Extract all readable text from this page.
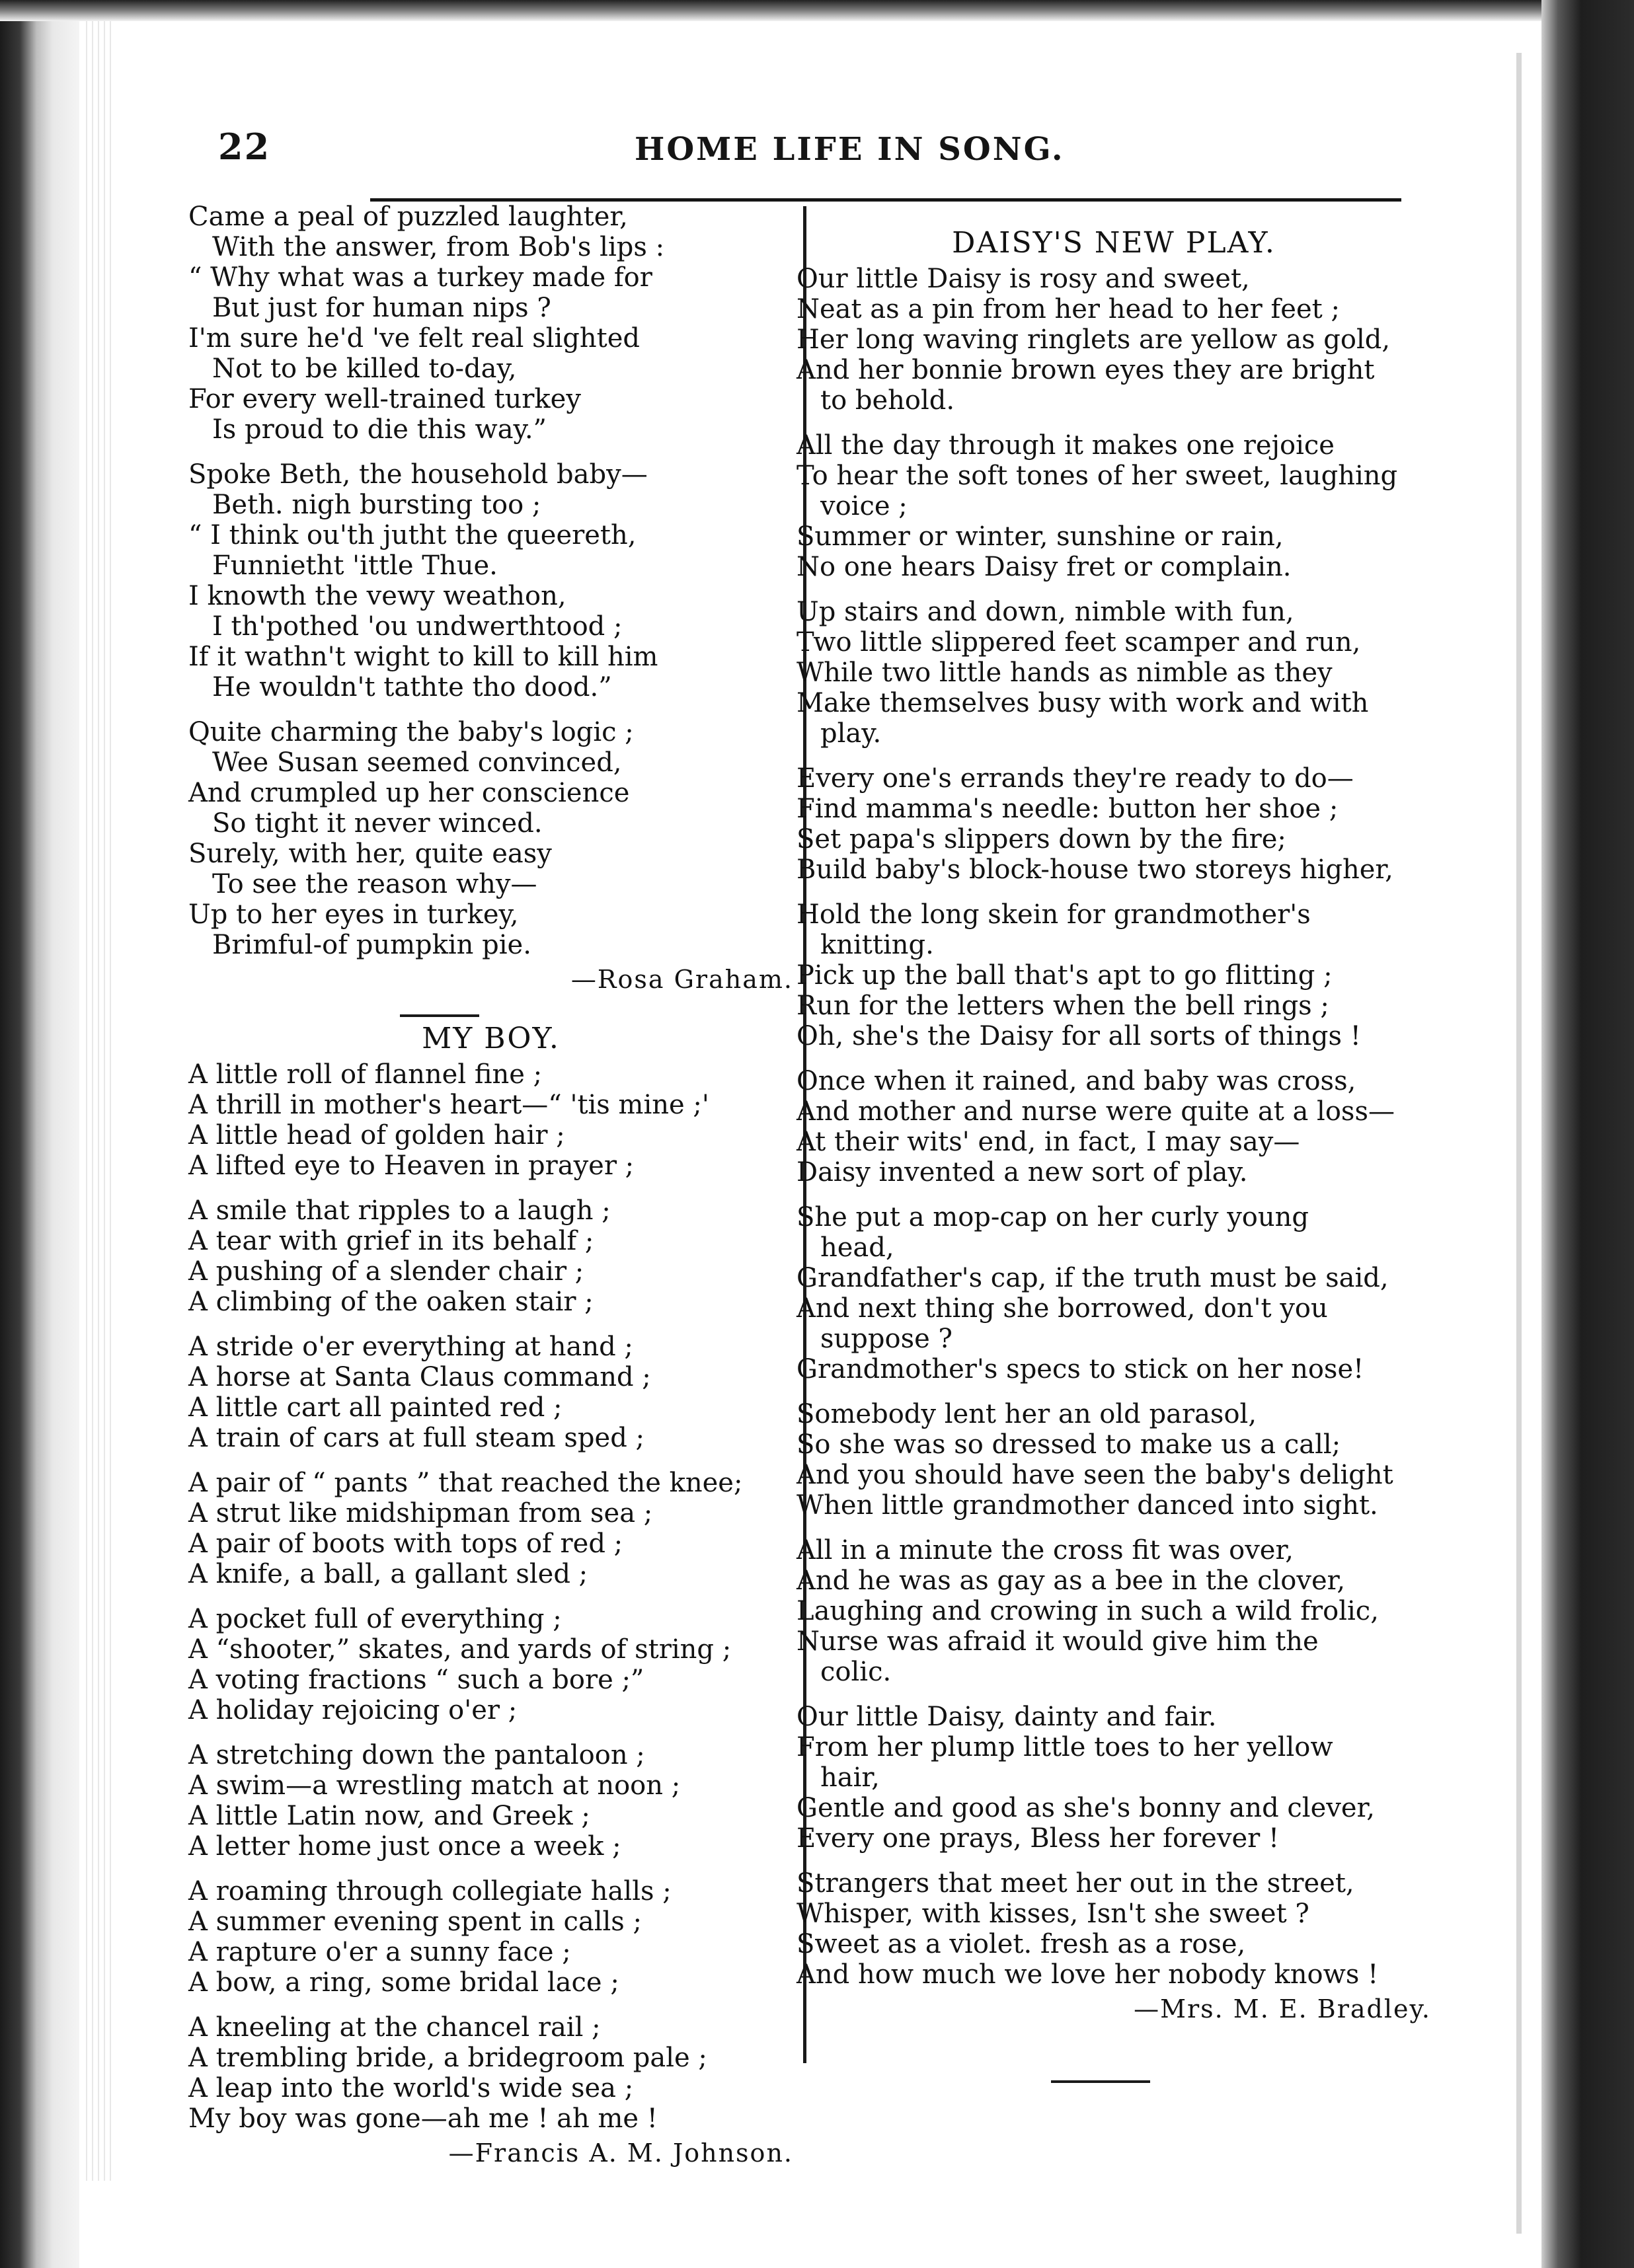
22	HOME LIFE IN SONG.
Came a peal of puzzled laughter,
With the answer, from Bob's lips :
“ Why what was a turkey made for
But just for human nips ?
I'm sure he'd 've felt real slighted
Not to be killed to-day,
For every well-trained turkey
Is proud to die this way.”
Spoke Beth, the household baby—
Beth. nigh bursting too ;
“ I think ou'th jutht the queereth,
Funnietht 'ittle Thue.
I knowth the vewy weathon,
I th'pothed 'ou undwerthtood ;
If it wathn't wight to kill to kill him
He wouldn't tathte tho dood.”
Quite charming the baby's logic ;
Wee Susan seemed convinced,
And crumpled up her conscience
So tight it never winced.
Surely, with her, quite easy
To see the reason why—
Up to her eyes in turkey,
Brimful-of pumpkin pie.
—Rosa Graham.
MY BOY.
A little roll of flannel fine ;
A thrill in mother's heart—“ 'tis mine ;'
A little head of golden hair ;
A lifted eye to Heaven in prayer ;
A smile that ripples to a laugh ;
A tear with grief in its behalf ;
A pushing of a slender chair ;
A climbing of the oaken stair ;
A stride o'er everything at hand ;
A horse at Santa Claus command ;
A little cart all painted red ;
A train of cars at full steam sped ;
A pair of “ pants ” that reached the knee;
A strut like midshipman from sea ;
A pair of boots with tops of red ;
A knife, a ball, a gallant sled ;
A pocket full of everything ;
A “shooter,” skates, and yards of string ;
A voting fractions “ such a bore ;”
A holiday rejoicing o'er ;
A stretching down the pantaloon ;
A swim—a wrestling match at noon ;
A little Latin now, and Greek ;
A letter home just once a week ;
A roaming through collegiate halls ;
A summer evening spent in calls ;
A rapture o'er a sunny face ;
A bow, a ring, some bridal lace ;
A kneeling at the chancel rail ;
A trembling bride, a bridegroom pale ;
A leap into the world's wide sea ;
My boy was gone—ah me ! ah me !
—Francis A. M. Johnson.
DAISY'S NEW PLAY.
Our little Daisy is rosy and sweet,
Neat as a pin from her head to her feet ;
Her long waving ringlets are yellow as gold,
And her bonnie brown eyes they are bright
to behold.
All the day through it makes one rejoice
To hear the soft tones of her sweet, laughing
voice ;
Summer or winter, sunshine or rain,
No one hears Daisy fret or complain.
Up stairs and down, nimble with fun,
Two little slippered feet scamper and run,
While two little hands as nimble as they
Make themselves busy with work and with
play.
Every one's errands they're ready to do—
Find mamma's needle: button her shoe ;
Set papa's slippers down by the fire;
Build baby's block-house two storeys higher,
Hold the long skein for grandmother's
knitting.
Pick up the ball that's apt to go flitting ;
Run for the letters when the bell rings ;
Oh, she's the Daisy for all sorts of things !
Once when it rained, and baby was cross,
And mother and nurse were quite at a loss—
At their wits' end, in fact, I may say—
Daisy invented a new sort of play.
She put a mop-cap on her curly young
head,
Grandfather's cap, if the truth must be said,
And next thing she borrowed, don't you
suppose ?
Grandmother's specs to stick on her nose!
Somebody lent her an old parasol,
So she was so dressed to make us a call;
And you should have seen the baby's delight
When little grandmother danced into sight.
All in a minute the cross fit was over,
And he was as gay as a bee in the clover,
Laughing and crowing in such a wild frolic,
Nurse was afraid it would give him the
colic.
Our little Daisy, dainty and fair.
From her plump little toes to her yellow
hair,
Gentle and good as she's bonny and clever,
Every one prays, Bless her forever !
Strangers that meet her out in the street,
Whisper, with kisses, Isn't she sweet ?
Sweet as a violet. fresh as a rose,
And how much we love her nobody knows !
—Mrs. M. E. Bradley.
